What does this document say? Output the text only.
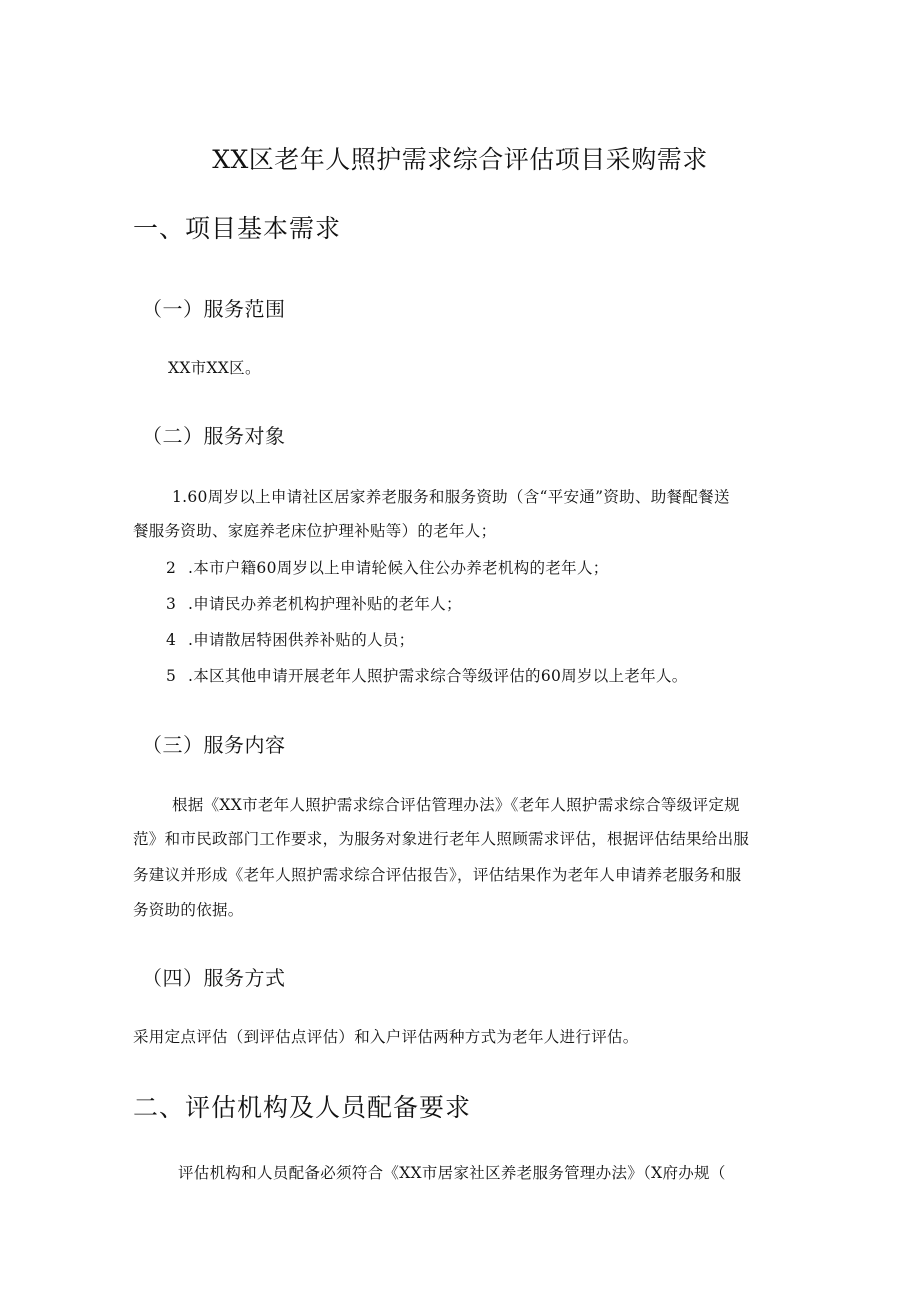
XX区老年人照护需求综合评估项目采购需求
一、项目基本需求
（一）服务范围
XX市XX区。
（二）服务对象
1.60周岁以上申请社区居家养老服务和服务资助（含“平安通”资助、助餐配餐送
餐服务资助、家庭养老床位护理补贴等）的老年人；
2 .本市户籍60周岁以上申请轮候入住公办养老机构的老年人；
3 .申请民办养老机构护理补贴的老年人；
4 .申请散居特困供养补贴的人员；
5 .本区其他申请开展老年人照护需求综合等级评估的60周岁以上老年人。
（三）服务内容
根据《XX市老年人照护需求综合评估管理办法》《老年人照护需求综合等级评定规
范》和市民政部门工作要求，为服务对象进行老年人照顾需求评估，根据评估结果给出服
务建议并形成《老年人照护需求综合评估报告》，评估结果作为老年人申请养老服务和服
务资助的依据。
（四）服务方式
采用定点评估（到评估点评估）和入户评估两种方式为老年人进行评估。
二、评估机构及人员配备要求
评估机构和人员配备必须符合《XX市居家社区养老服务管理办法》（X府办规（
